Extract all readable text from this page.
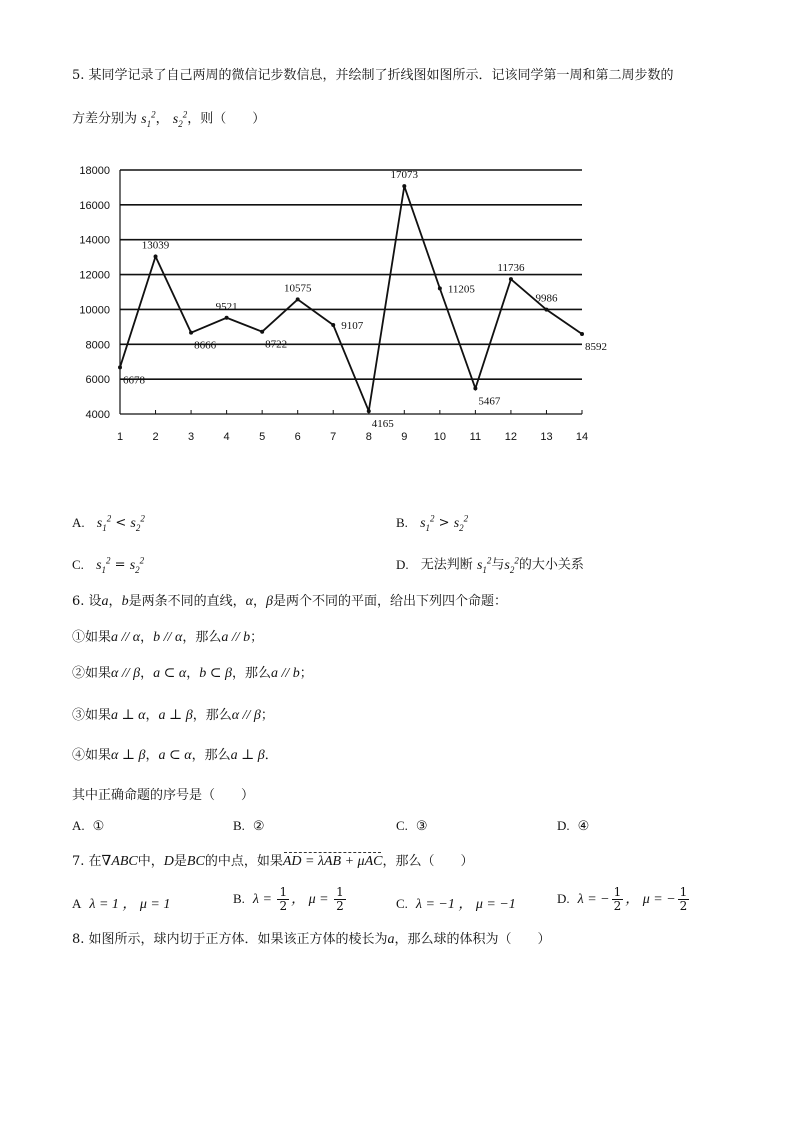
5. 某同学记录了自己两周的微信记步数信息，并绘制了折线图如图所示．记该同学第一周和第二周步数的
方差分别为 $s_1^2$， $s_2^2$，则（　　）
4000
6000
8000
10000
12000
14000
16000
18000
1	2	3	4	5	6	7	8	9 10 11 12 13 14
6678
13039
8666
9521
8722
10575
9107
4165
17073
11205
5467
11736
9986
8592
A. $s_1^2 < s_2^2$	B. $s_1^2 > s_2^2$
C. $s_1^2 = s_2^2$	D. 无法判断 $s_1^2$与$s_2^2$的大小关系
6. 设a，b是两条不同的直线，α，β是两个不同的平面，给出下列四个命题：
①如果a // α，b // α，那么a // b；
②如果α // β，a ⊂ α，b ⊂ β，那么a // b；
③如果a ⊥ α，a ⊥ β，那么α // β；
④如果α ⊥ β，a ⊂ α，那么a ⊥ β．
其中正确命题的序号是（　　）
A. ①	B. ②	C. ③	D. ④
7. 在∇ABC中，D是BC的中点，如果AD = λAB + μAC，那么（　　）
A λ = 1 ， μ = 1	B. $\lambda = \frac{1}{2}$ ， $\mu = \frac{1}{2}$	C. λ = −1 ， μ = −1	D. λ = − $\frac{1}{2}$ ， μ = − $\frac{1}{2}$
8. 如图所示，球内切于正方体．如果该正方体的棱长为a，那么球的体积为（　　）
